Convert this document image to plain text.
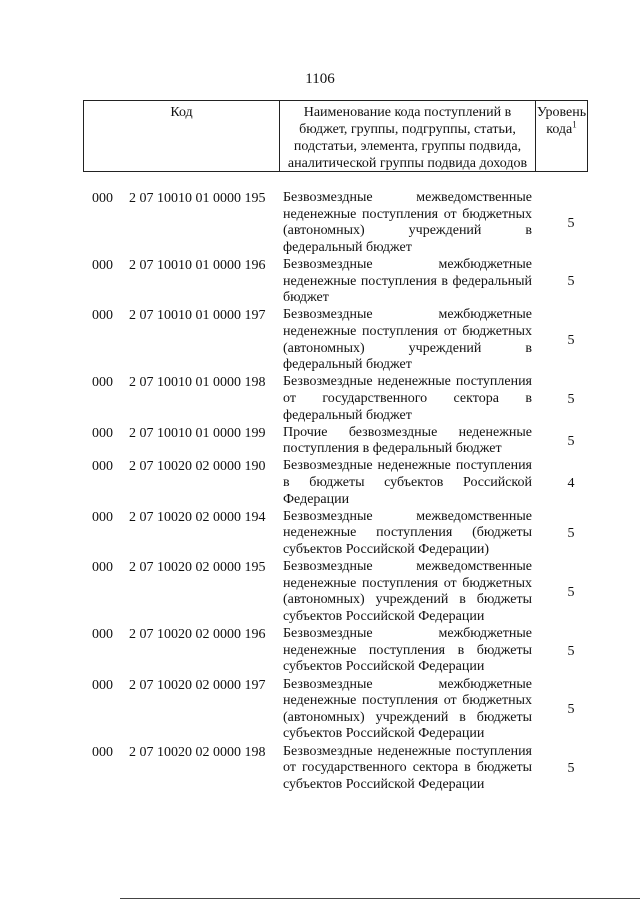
1106
Код	Наименование кода поступлений в бюджет, группы, подгруппы, статьи, подстатьи, элемента, группы подвида, аналитической группы подвида доходов
Уровень кода$^1$
000 2 07 10010 01 0000 195 Безвозмездные межведомственные неденежные поступления от бюджетных (автономных) учреждений в федеральный бюджет
5
000 2 07 10010 01 0000 196 Безвозмездные межбюджетные неденежные поступления в федеральный бюджет
5
000 2 07 10010 01 0000 197 Безвозмездные межбюджетные неденежные поступления от бюджетных (автономных) учреждений в федеральный бюджет
5
000 2 07 10010 01 0000 198 Безвозмездные неденежные поступления от государственного сектора в федеральный бюджет
5
000 2 07 10010 01 0000 199 Прочие безвозмездные неденежные поступления в федеральный бюджет
5
000 2 07 10020 02 0000 190 Безвозмездные неденежные поступления в бюджеты субъектов Российской Федерации
4
000 2 07 10020 02 0000 194 Безвозмездные межведомственные неденежные поступления (бюджеты субъектов Российской Федерации)
5
000 2 07 10020 02 0000 195 Безвозмездные межведомственные неденежные поступления от бюджетных (автономных) учреждений в бюджеты субъектов Российской Федерации
5
000 2 07 10020 02 0000 196 Безвозмездные межбюджетные неденежные поступления в бюджеты субъектов Российской Федерации
5
000 2 07 10020 02 0000 197 Безвозмездные межбюджетные неденежные поступления от бюджетных (автономных) учреждений в бюджеты субъектов Российской Федерации
5
000 2 07 10020 02 0000 198 Безвозмездные неденежные поступления от государственного сектора в бюджеты субъектов Российской Федерации
5
